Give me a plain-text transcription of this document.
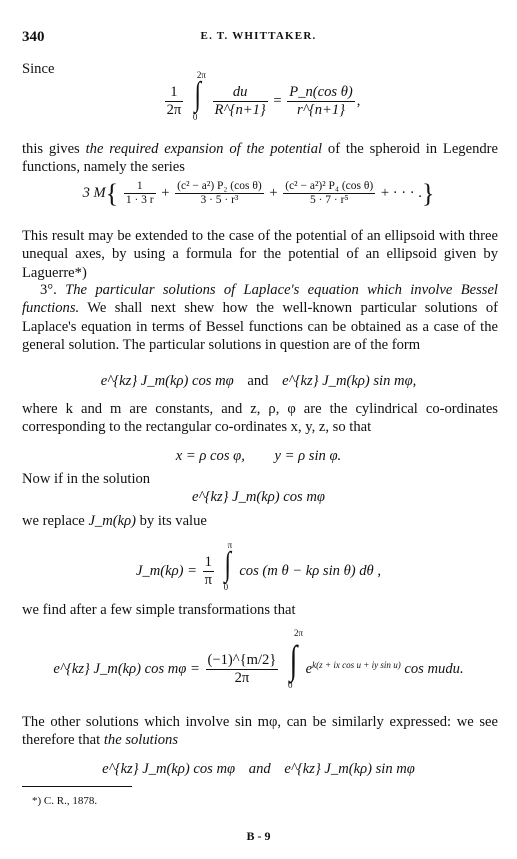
340	E. T. WHITTAKER.
Since
$\frac{1}{2\pi}$ ∫
2π
0
$\frac{du}{R\^{}\{n+1\}} = \frac{\text{P\_n(cos θ)}}{r\^{}\{n+1\}}$ ,
this gives the required expansion of the potential of the spheroid in Legendre functions, namely the series
3 $M\{ \frac{1}{1 \cdot 3 r} + \frac{\text{(c² − a²) P₂ (cos θ)}}{\text{3 · 5 · r³}} + \frac{\text{(c² − a²)² P₄ (cos θ)}}{\text{5 · 7 · r⁵}}$ + · · · .}
This result may be extended to the case of the potential of an ellipsoid with three unequal axes, by using a formula for the potential of an ellipsoid given by Laguerre*)
3°. The particular solutions of Laplace's equation which involve Bessel functions. We shall next shew how the well-known particular solutions of Laplace's equation in terms of Bessel functions can be obtained as a case of the general solution. The particular solutions in question are of the form
e^{kz} J_m(kρ) cos mφ and e^{kz} J_m(kρ) sin mφ,
where k and m are constants, and z, ρ, φ are the cylindrical co-ordinates corresponding to the rectangular co-ordinates x, y, z, so that
x = ρ cos φ, y = ρ sin φ.
Now if in the solution
e^{kz} J_m(kρ) cos mφ
we replace J_m(kρ) by its value
J_m(kρ) = $\frac{1}{\pi}$ ∫
π
0
cos (m θ − kρ sin θ) dθ ,
we find after a few simple transformations that
e^{kz} J_m(kρ) $\cos m\varphi = \frac{(-1)\^{}\{m/2\}}{2\pi}$ ∫
2π
0
$e^{k(z + ix cos u + iy sin u)}$ cos mudu.
The other solutions which involve sin mφ, can be similarly expressed: we see therefore that the solutions
e^{kz} J_m(kρ) cos mφ and e^{kz} J_m(kρ) sin mφ
*) C. R., 1878.
B - 9
